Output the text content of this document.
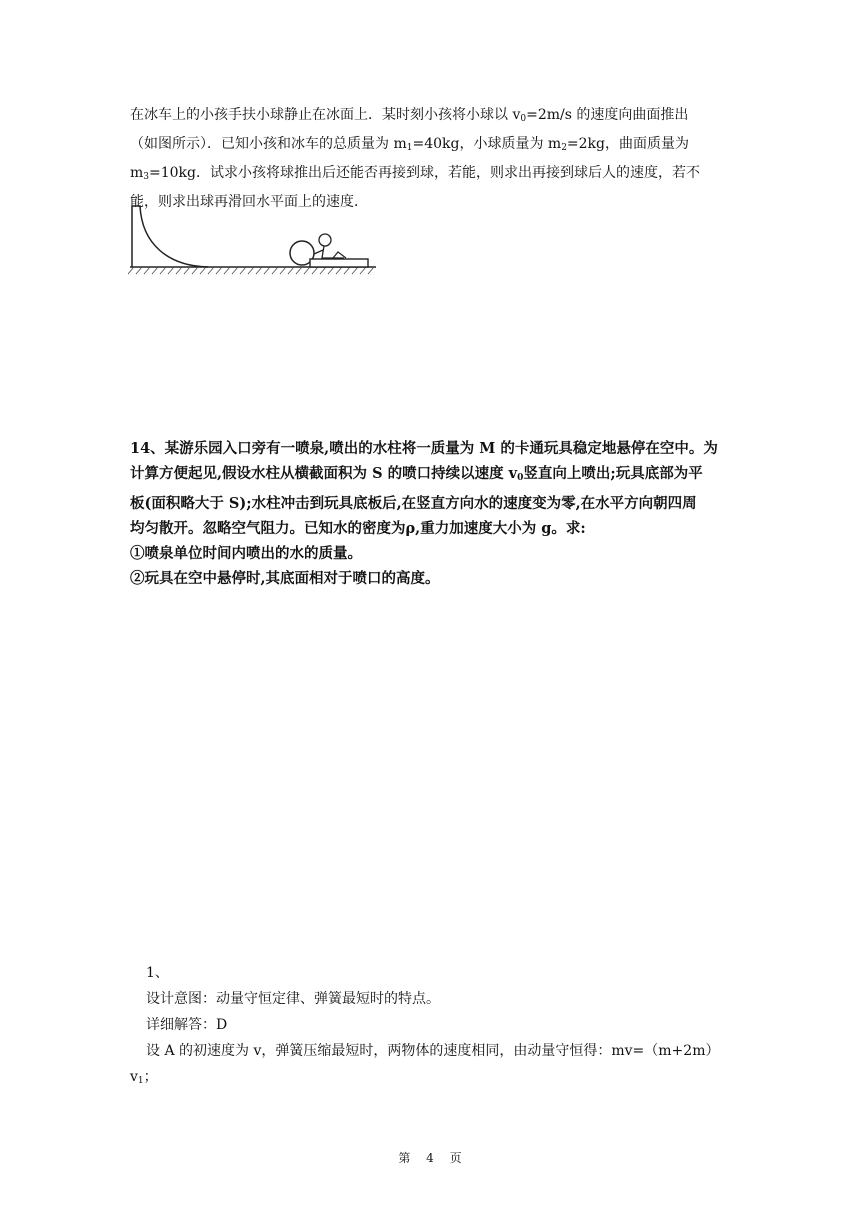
在冰车上的小孩手扶小球静止在冰面上．某时刻小孩将小球以 $v_0=2m/s$ 的速度向曲面推出
（如图所示）．已知小孩和冰车的总质量为 $m_1=40kg$，小球质量为 $m_2=2kg$，曲面质量为
$m_3=10kg$．试求小孩将球推出后还能否再接到球，若能，则求出再接到球后人的速度，若不
能，则求出球再滑回水平面上的速度．
14、某游乐园入口旁有一喷泉,喷出的水柱将一质量为 M 的卡通玩具稳定地悬停在空中。为
计算方便起见,假设水柱从横截面积为 S 的喷口持续以速度 $v_0$竖直向上喷出;玩具底部为平
板(面积略大于 S);水柱冲击到玩具底板后,在竖直方向水的速度变为零,在水平方向朝四周
均匀散开。忽略空气阻力。已知水的密度为ρ,重力加速度大小为 g。求:
①喷泉单位时间内喷出的水的质量。
②玩具在空中悬停时,其底面相对于喷口的高度。
1、
设计意图：动量守恒定律、弹簧最短时的特点。
详细解答：D
设 A 的初速度为 v，弹簧压缩最短时，两物体的速度相同，由动量守恒得：mv=（m+2m）
$v_1$；
第 4 页
